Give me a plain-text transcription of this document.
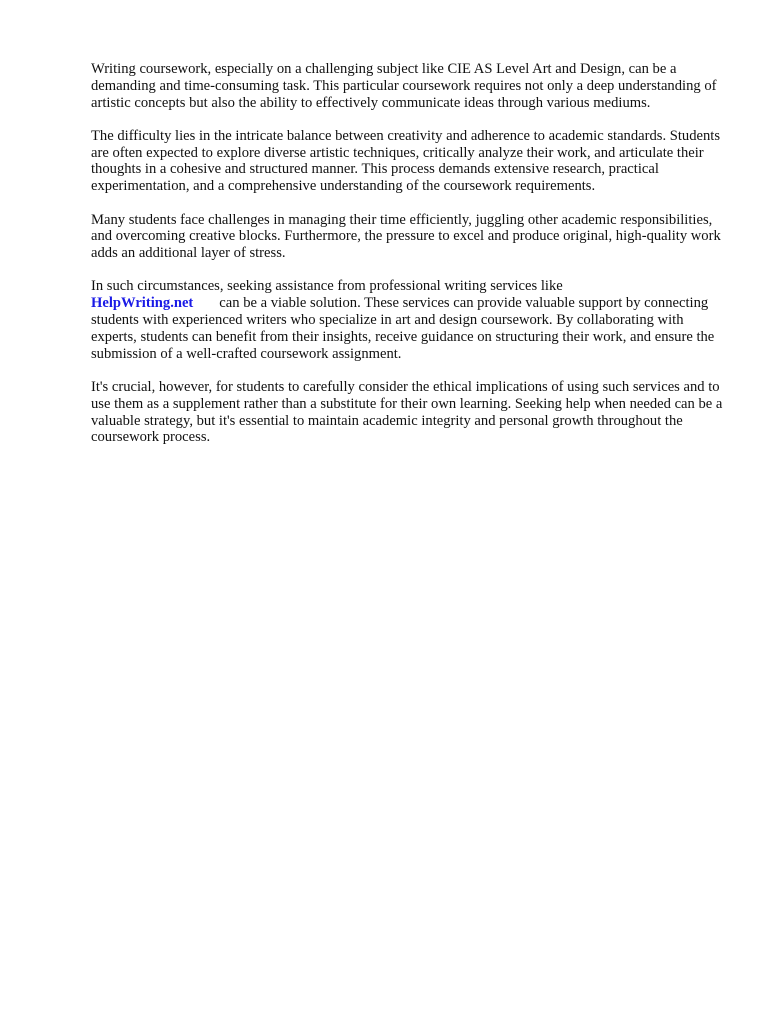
Writing coursework, especially on a challenging subject like CIE AS Level Art and Design, can be a demanding and time-consuming task. This particular coursework requires not only a deep understanding of artistic concepts but also the ability to effectively communicate ideas through various mediums.

The difficulty lies in the intricate balance between creativity and adherence to academic standards. Students are often expected to explore diverse artistic techniques, critically analyze their work, and articulate their thoughts in a cohesive and structured manner. This process demands extensive research, practical experimentation, and a comprehensive understanding of the coursework requirements.

Many students face challenges in managing their time efficiently, juggling other academic responsibilities, and overcoming creative blocks. Furthermore, the pressure to excel and produce original, high-quality work adds an additional layer of stress.

In such circumstances, seeking assistance from professional writing services like
HelpWriting.net can be a viable solution. These services can provide valuable support by connecting students with experienced writers who specialize in art and design coursework. By collaborating with experts, students can benefit from their insights, receive guidance on structuring their work, and ensure the submission of a well-crafted coursework assignment.

It's crucial, however, for students to carefully consider the ethical implications of using such services and to use them as a supplement rather than a substitute for their own learning. Seeking help when needed can be a valuable strategy, but it's essential to maintain academic integrity and personal growth throughout the coursework process.
